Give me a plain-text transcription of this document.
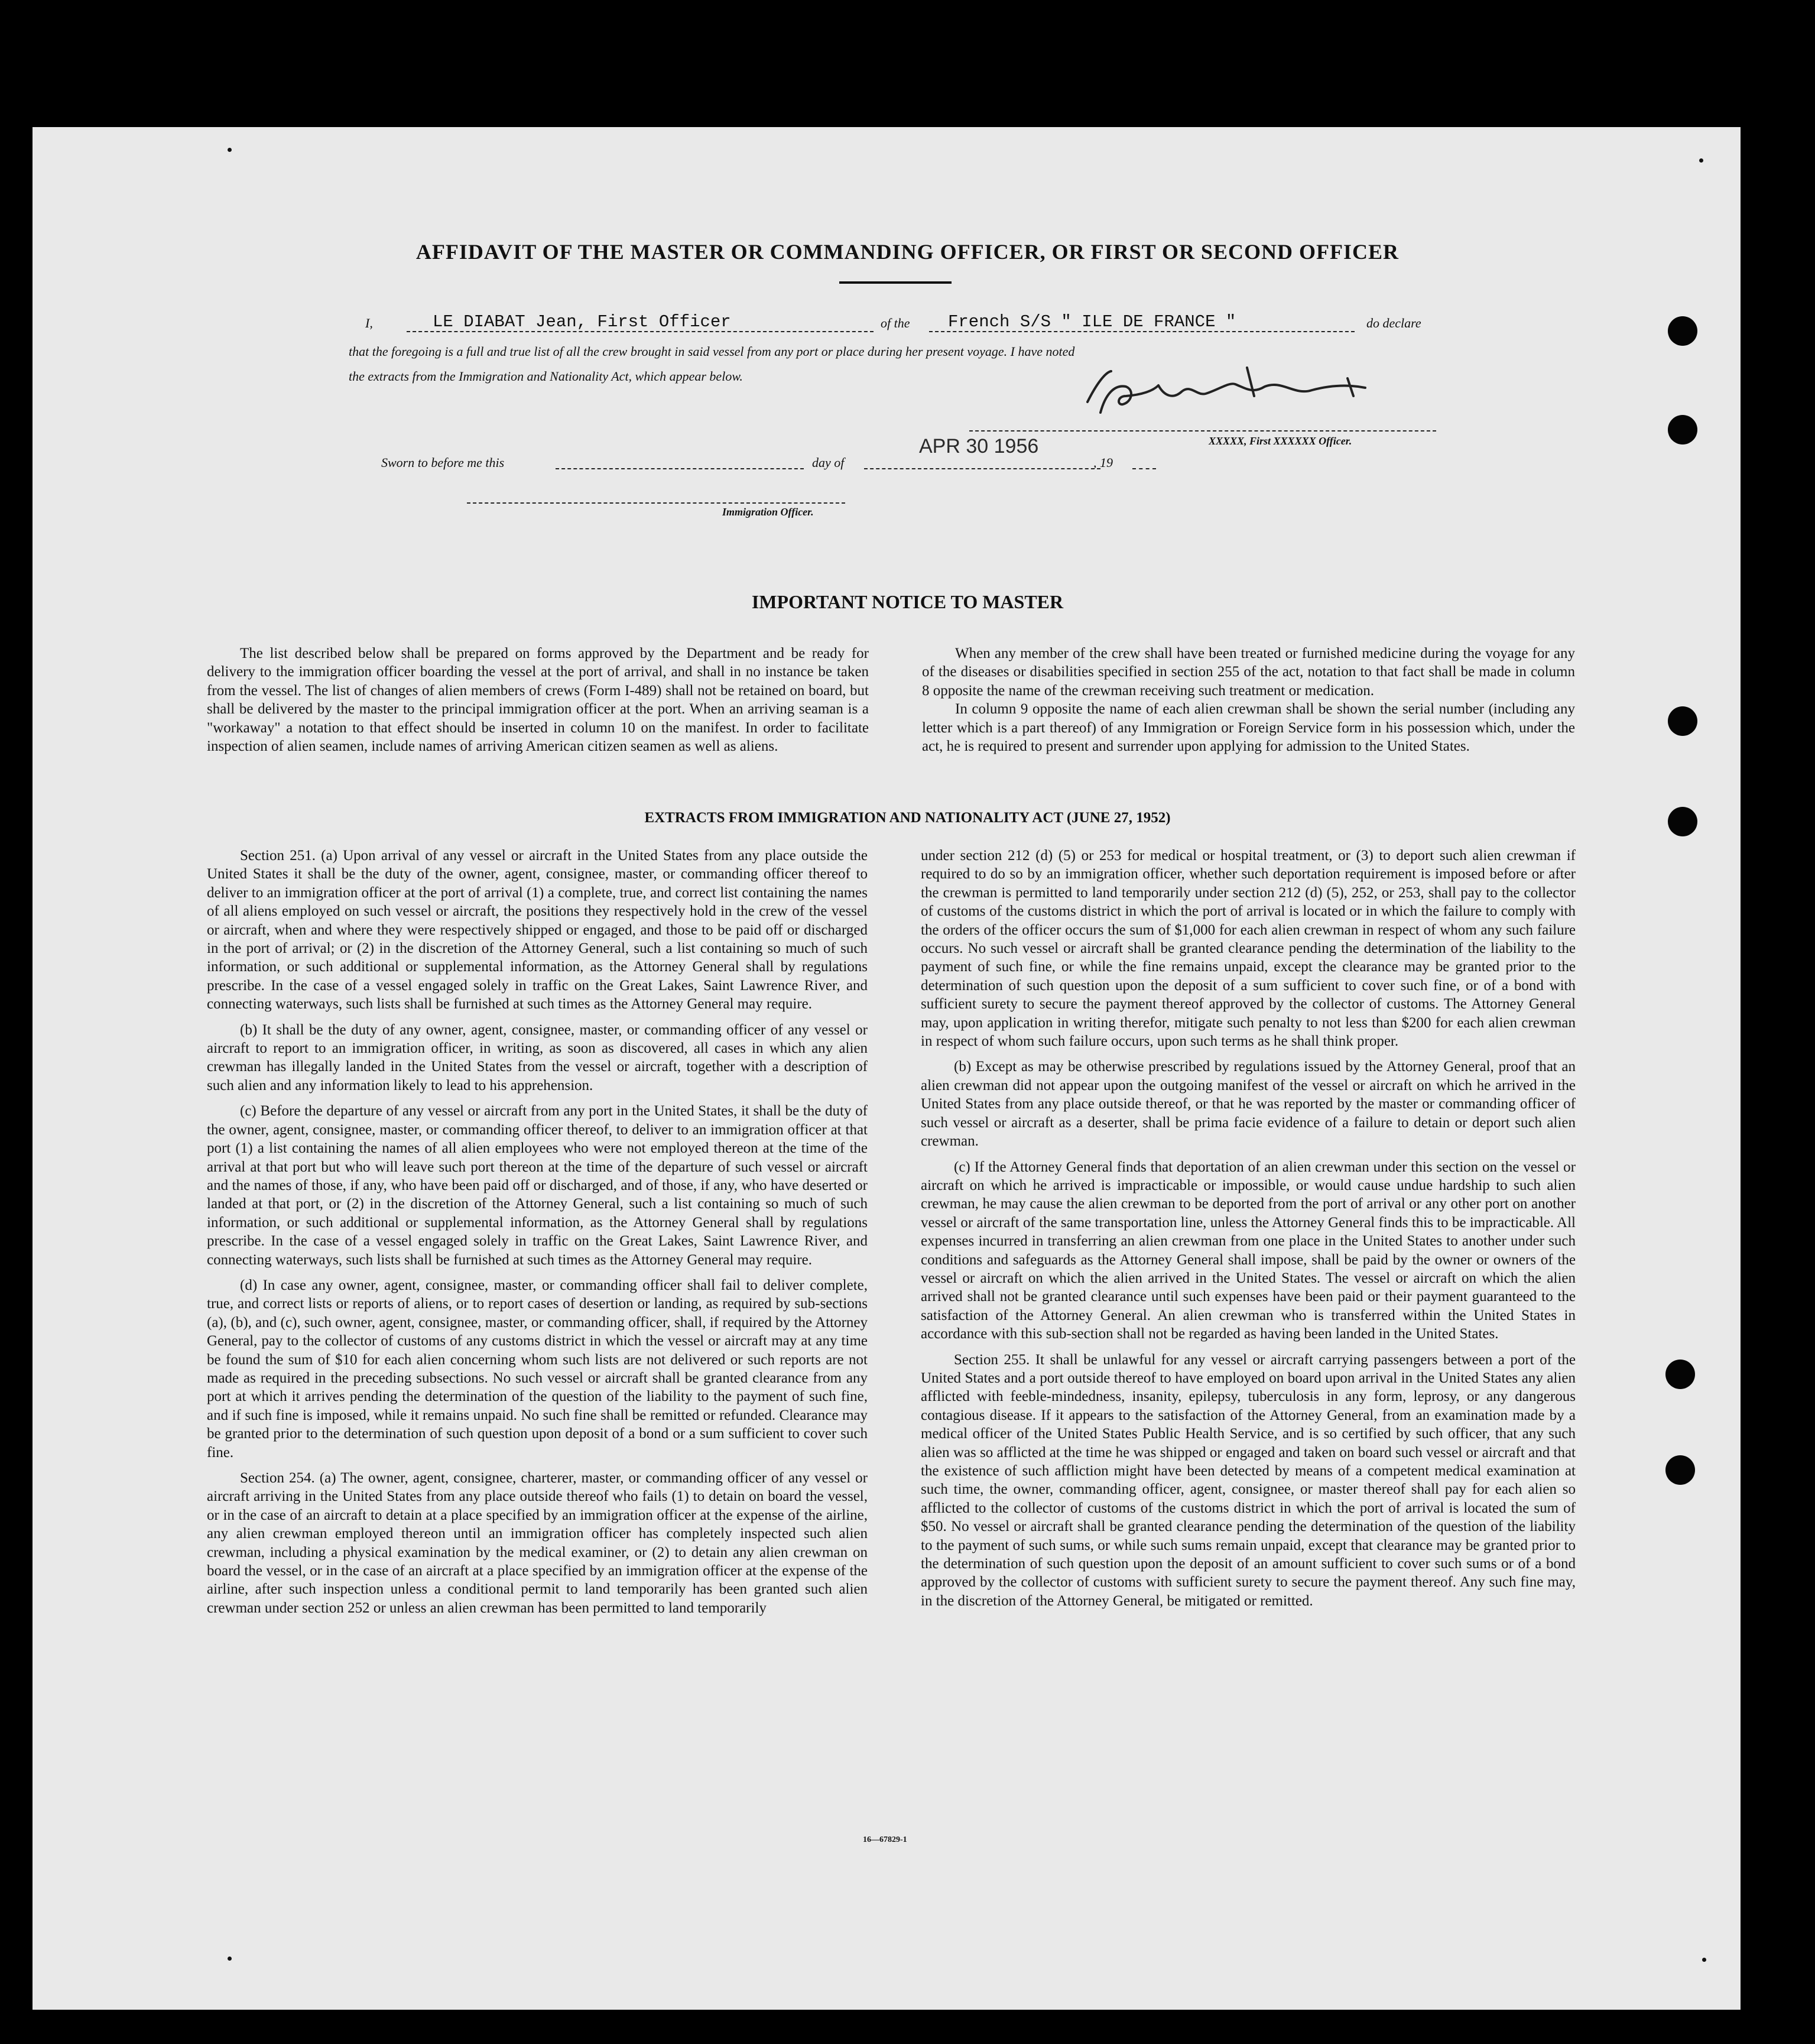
AFFIDAVIT OF THE MASTER OR COMMANDING OFFICER, OR FIRST OR SECOND OFFICER
I,	LE DIABAT Jean, First Officer	of the French S/S " ILE DE FRANCE "	do declare
that the foregoing is a full and true list of all the crew brought in said vessel from any port or place during her present voyage. I have noted
the extracts from the Immigration and Nationality Act, which appear below.
XXXXX, First XXXXXX Officer.
Sworn to before me this	day of
APR 30 1956
, 19
Immigration Officer.
IMPORTANT NOTICE TO MASTER

The list described below shall be prepared on forms approved by the Department and be ready for delivery to the immigration officer boarding the vessel at the port of arrival, and shall in no instance be taken from the vessel. The list of changes of alien members of crews (Form I-489) shall not be retained on board, but shall be delivered by the master to the principal immigration officer at the port. When an arriving seaman is a "workaway" a notation to that effect should be inserted in column 10 on the manifest. In order to facilitate inspection of alien seamen, include names of arriving American citizen seamen as well as aliens.

When any member of the crew shall have been treated or furnished medicine during the voyage for any of the diseases or disabilities specified in section 255 of the act, notation to that fact shall be made in column 8 opposite the name of the crewman receiving such treatment or medication.

In column 9 opposite the name of each alien crewman shall be shown the serial number (including any letter which is a part thereof) of any Immigration or Foreign Service form in his possession which, under the act, he is required to present and surrender upon applying for admission to the United States.

EXTRACTS FROM IMMIGRATION AND NATIONALITY ACT (JUNE 27, 1952)

Section 251. (a) Upon arrival of any vessel or aircraft in the United States from any place outside the United States it shall be the duty of the owner, agent, consignee, master, or commanding officer thereof to deliver to an immigration officer at the port of arrival (1) a complete, true, and correct list containing the names of all aliens employed on such vessel or aircraft, the positions they respectively hold in the crew of the vessel or aircraft, when and where they were respectively shipped or engaged, and those to be paid off or discharged in the port of arrival; or (2) in the discretion of the Attorney General, such a list containing so much of such information, or such additional or supplemental information, as the Attorney General shall by regulations prescribe. In the case of a vessel engaged solely in traffic on the Great Lakes, Saint Lawrence River, and connecting waterways, such lists shall be furnished at such times as the Attorney General may require.

(b) It shall be the duty of any owner, agent, consignee, master, or commanding officer of any vessel or aircraft to report to an immigration officer, in writing, as soon as discovered, all cases in which any alien crewman has illegally landed in the United States from the vessel or aircraft, together with a description of such alien and any information likely to lead to his apprehension.

(c) Before the departure of any vessel or aircraft from any port in the United States, it shall be the duty of the owner, agent, consignee, master, or commanding officer thereof, to deliver to an immigration officer at that port (1) a list containing the names of all alien employees who were not employed thereon at the time of the arrival at that port but who will leave such port thereon at the time of the departure of such vessel or aircraft and the names of those, if any, who have been paid off or discharged, and of those, if any, who have deserted or landed at that port, or (2) in the discretion of the Attorney General, such a list containing so much of such information, or such additional or supplemental information, as the Attorney General shall by regulations prescribe. In the case of a vessel engaged solely in traffic on the Great Lakes, Saint Lawrence River, and connecting waterways, such lists shall be furnished at such times as the Attorney General may require.

(d) In case any owner, agent, consignee, master, or commanding officer shall fail to deliver complete, true, and correct lists or reports of aliens, or to report cases of desertion or landing, as required by sub-sections (a), (b), and (c), such owner, agent, consignee, master, or commanding officer, shall, if required by the Attorney General, pay to the collector of customs of any customs district in which the vessel or aircraft may at any time be found the sum of $10 for each alien concerning whom such lists are not delivered or such reports are not made as required in the preceding subsections. No such vessel or aircraft shall be granted clearance from any port at which it arrives pending the determination of the question of the liability to the payment of such fine, and if such fine is imposed, while it remains unpaid. No such fine shall be remitted or refunded. Clearance may be granted prior to the determination of such question upon deposit of a bond or a sum sufficient to cover such fine.

Section 254. (a) The owner, agent, consignee, charterer, master, or commanding officer of any vessel or aircraft arriving in the United States from any place outside thereof who fails (1) to detain on board the vessel, or in the case of an aircraft to detain at a place specified by an immigration officer at the expense of the airline, any alien crewman employed thereon until an immigration officer has completely inspected such alien crewman, including a physical examination by the medical examiner, or (2) to detain any alien crewman on board the vessel, or in the case of an aircraft at a place specified by an immigration officer at the expense of the airline, after such inspection unless a conditional permit to land temporarily has been granted such alien crewman under section 252 or unless an alien crewman has been permitted to land temporarily

under section 212 (d) (5) or 253 for medical or hospital treatment, or (3) to deport such alien crewman if required to do so by an immigration officer, whether such deportation requirement is imposed before or after the crewman is permitted to land temporarily under section 212 (d) (5), 252, or 253, shall pay to the collector of customs of the customs district in which the port of arrival is located or in which the failure to comply with the orders of the officer occurs the sum of $1,000 for each alien crewman in respect of whom any such failure occurs. No such vessel or aircraft shall be granted clearance pending the determination of the liability to the payment of such fine, or while the fine remains unpaid, except the clearance may be granted prior to the determination of such question upon the deposit of a sum sufficient to cover such fine, or of a bond with sufficient surety to secure the payment thereof approved by the collector of customs. The Attorney General may, upon application in writing therefor, mitigate such penalty to not less than $200 for each alien crewman in respect of whom such failure occurs, upon such terms as he shall think proper.

(b) Except as may be otherwise prescribed by regulations issued by the Attorney General, proof that an alien crewman did not appear upon the outgoing manifest of the vessel or aircraft on which he arrived in the United States from any place outside thereof, or that he was reported by the master or commanding officer of such vessel or aircraft as a deserter, shall be prima facie evidence of a failure to detain or deport such alien crewman.

(c) If the Attorney General finds that deportation of an alien crewman under this section on the vessel or aircraft on which he arrived is impracticable or impossible, or would cause undue hardship to such alien crewman, he may cause the alien crewman to be deported from the port of arrival or any other port on another vessel or aircraft of the same transportation line, unless the Attorney General finds this to be impracticable. All expenses incurred in transferring an alien crewman from one place in the United States to another under such conditions and safeguards as the Attorney General shall impose, shall be paid by the owner or owners of the vessel or aircraft on which the alien arrived in the United States. The vessel or aircraft on which the alien arrived shall not be granted clearance until such expenses have been paid or their payment guaranteed to the satisfaction of the Attorney General. An alien crewman who is transferred within the United States in accordance with this sub-section shall not be regarded as having been landed in the United States.

Section 255. It shall be unlawful for any vessel or aircraft carrying passengers between a port of the United States and a port outside thereof to have employed on board upon arrival in the United States any alien afflicted with feeble-mindedness, insanity, epilepsy, tuberculosis in any form, leprosy, or any dangerous contagious disease. If it appears to the satisfaction of the Attorney General, from an examination made by a medical officer of the United States Public Health Service, and is so certified by such officer, that any such alien was so afflicted at the time he was shipped or engaged and taken on board such vessel or aircraft and that the existence of such affliction might have been detected by means of a competent medical examination at such time, the owner, commanding officer, agent, consignee, or master thereof shall pay for each alien so afflicted to the collector of customs of the customs district in which the port of arrival is located the sum of $50. No vessel or aircraft shall be granted clearance pending the determination of the question of the liability to the payment of such sums, or while such sums remain unpaid, except that clearance may be granted prior to the determination of such question upon the deposit of an amount sufficient to cover such sums or of a bond approved by the collector of customs with sufficient surety to secure the payment thereof. Any such fine may, in the discretion of the Attorney General, be mitigated or remitted.

16—67829-1
